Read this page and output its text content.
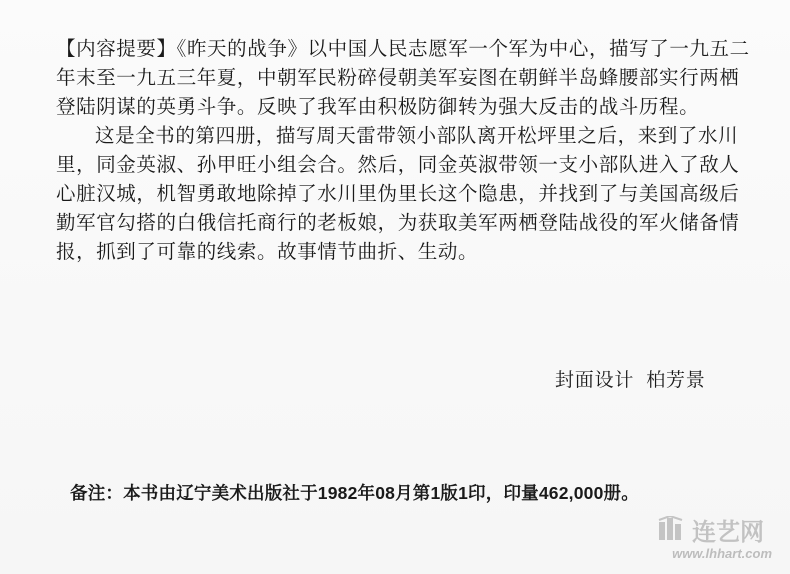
【内容提要】《昨天的战争》以中国人民志愿军一个军为中心，描写了一九五二年末至一九五三年夏，中朝军民粉碎侵朝美军妄图在朝鲜半岛蜂腰部实行两栖登陆阴谋的英勇斗争。反映了我军由积极防御转为强大反击的战斗历程。

这是全书的第四册，描写周天雷带领小部队离开松坪里之后，来到了水川里，同金英淑、孙甲旺小组会合。然后，同金英淑带领一支小部队进入了敌人心脏汉城，机智勇敢地除掉了水川里伪里长这个隐患，并找到了与美国高级后勤军官勾搭的白俄信托商行的老板娘，为获取美军两栖登陆战役的军火储备情报，抓到了可靠的线索。故事情节曲折、生动。

封面设计 柏芳景
备注：本书由辽宁美术出版社于1982年08月第1版1印，印量462,000册。
连艺网
www.lhhart.com
